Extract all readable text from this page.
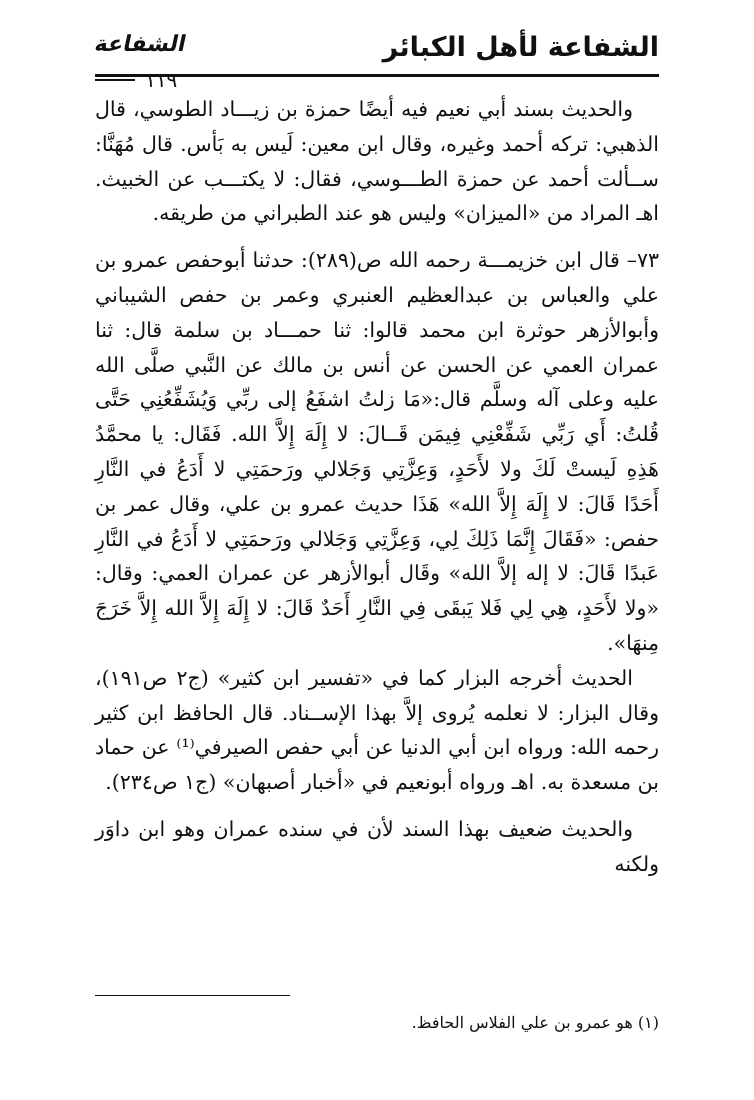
الشفاعة لأهل الكبائر
الشفاعة
١١٩

والحديث بسند أبي نعيم فيه أيضًا حمزة بن زيـــاد الطوسي، قال الذهبي: تركه أحمد وغيره، وقال ابن معين: لَيس به بَأس. قال مُهَنَّا: ســألت أحمد عن حمزة الطـــوسي، فقال: لا يكتـــب عن الخبيث. اهـ المراد من «الميزان» وليس هو عند الطبراني من طريقه.

٧٣– قال ابن خزيمـــة رحمه الله ص(٢٨٩): حدثنا أبوحفص عمرو بن علي والعباس بن عبدالعظيم العنبري وعمر بن حفص الشيباني وأبوالأزهر حوثرة ابن محمد قالوا: ثنا حمـــاد بن سلمة قال: ثنا عمران العمي عن الحسن عن أنس بن مالك عن النَّبي صلَّى الله عليه وعلى آله وسلَّم قال:«مَا زلتُ اشفَعُ إلى ربِّي وَيُشَفِّعُنِي حَتَّى قُلتُ: أَي رَبِّي شَفِّعْنِي فِيمَن قَــالَ: لا إِلَهَ إِلاَّ الله. فَقَال: يا محمَّدُ هَذِهِ لَيستْ لَكَ ولا لأَحَدٍ، وَعِزَّتِي وَجَلالي ورَحمَتِي لا أَدَعُ في النَّارِ أَحَدًا قَالَ: لا إِلَهَ إِلاَّ الله» هَذَا حديث عمرو بن علي، وقال عمر بن حفص: «فَقَالَ إِنَّمَا ذَلِكَ لِي، وَعِزَّتِي وَجَلالي ورَحمَتِي لا أَدَعُ في النَّارِ عَبدًا قَالَ: لا إله إلاَّ الله» وقَال أبوالأزهر عن عمران العمي: وقال: «ولا لأَحَدٍ، هِي لِي فَلا يَبقَى فِي النَّارِ أَحَدٌ قَالَ: لا إِلَهَ إِلاَّ الله إِلاَّ خَرَجَ مِنهَا».

الحديث أخرجه البزار كما في «تفسير ابن كثير» (ج٢ ص١٩١)، وقال البزار: لا نعلمه يُروى إلاَّ بهذا الإســناد. قال الحافظ ابن كثير رحمه الله: ورواه ابن أبي الدنيا عن أبي حفص الصيرفي⁽¹⁾ عن حماد بن مسعدة به. اهـ ورواه أبونعيم في «أخبار أصبهان» (ج١ ص٢٣٤).

والحديث ضعيف بهذا السند لأن في سنده عمران وهو ابن داوَر ولكنه

(١) هو عمرو بن علي الفلاس الحافظ.
